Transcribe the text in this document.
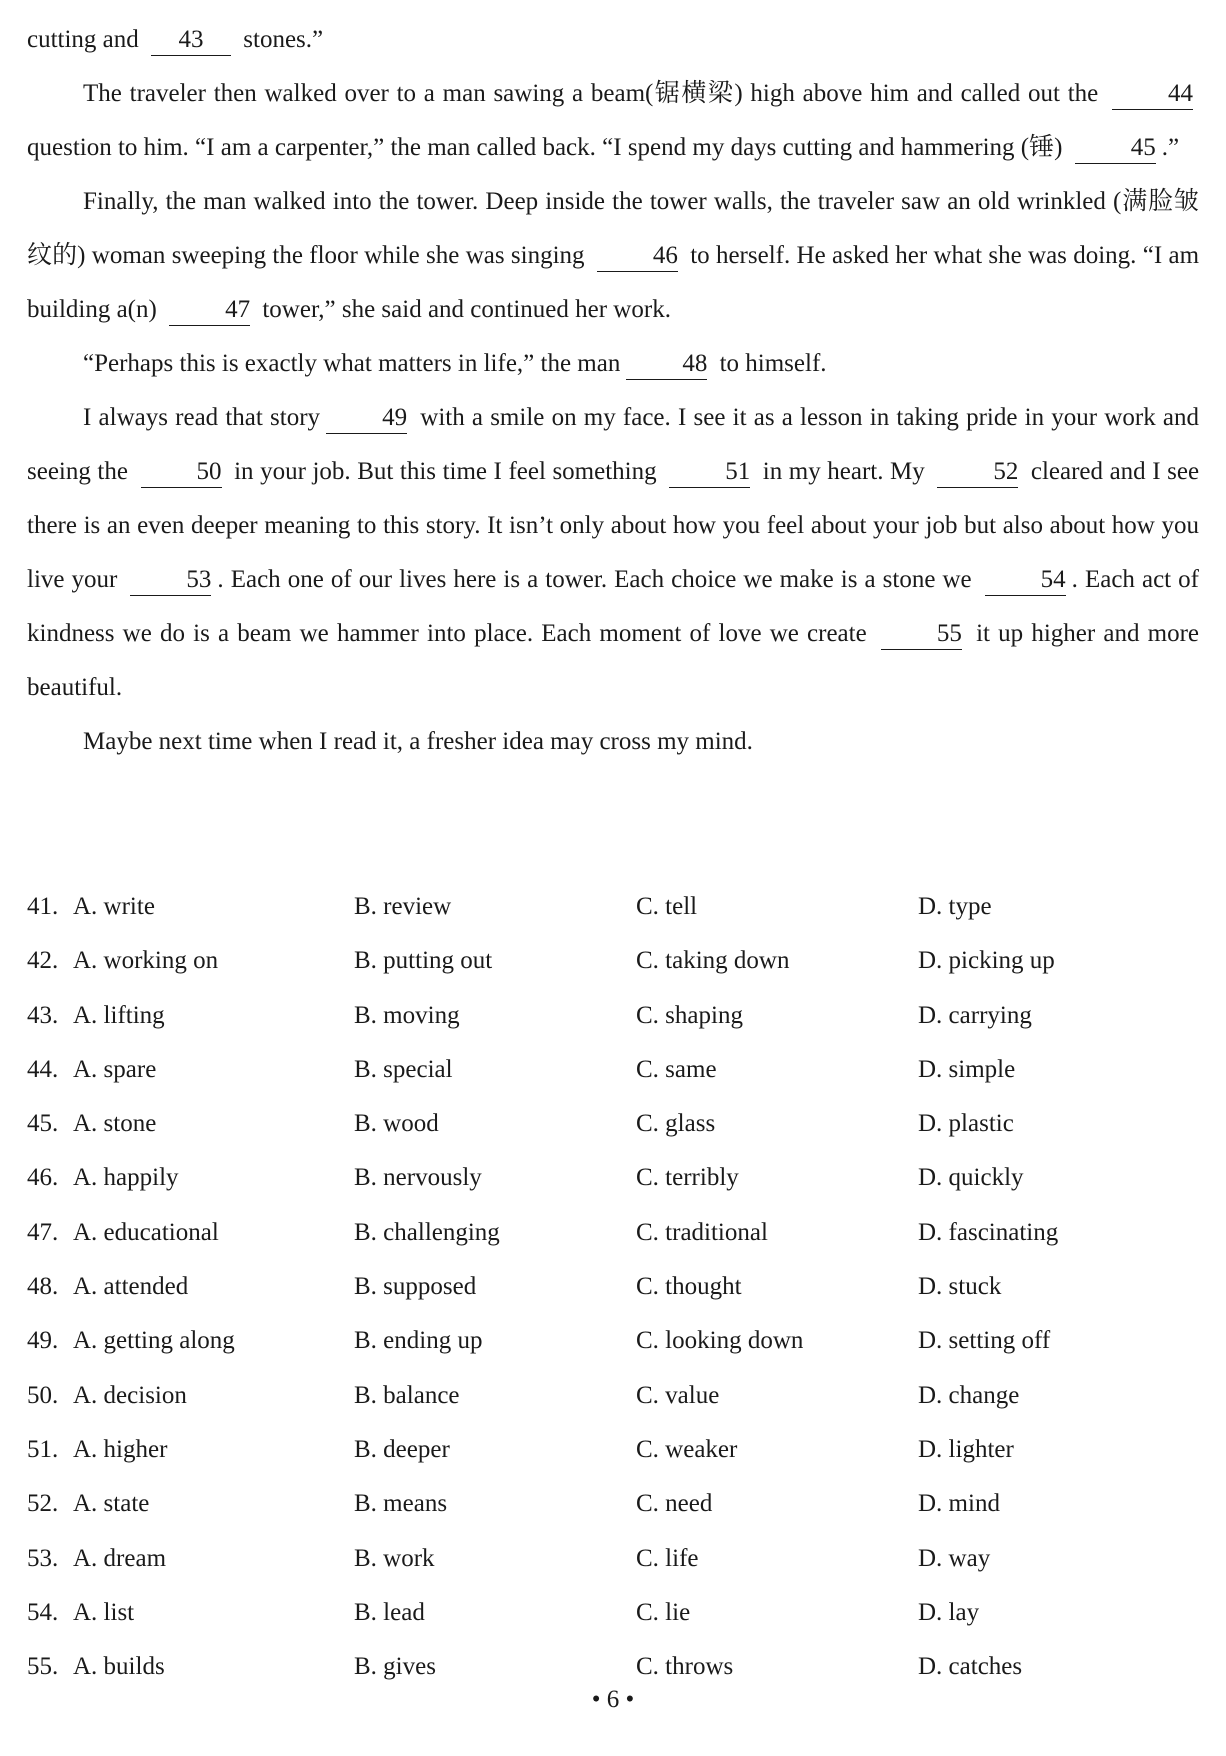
cutting and 43 stones.”

The traveler then walked over to a man sawing a beam(锯横梁) high above him and called out the	44 question to him. “I am a carpenter,” the man called back. “I spend my days cutting and hammering (锤)	45 .”

Finally, the man walked into the tower. Deep inside the tower walls, the traveler saw an old wrinkled (满脸皱纹的) woman sweeping the floor while she was singing	46 to herself. He asked her what she was doing. “I am building a(n)	47 tower,” she said and continued her work.

“Perhaps this is exactly what matters in life,” the man 48 to himself.

I always read that story 49 with a smile on my face. I see it as a lesson in taking pride in your work and seeing the	50 in your job. But this time I feel something	51 in my heart. My	52 cleared and I see there is an even deeper meaning to this story. It isn’t only about how you feel about your job but also about how you live your	53 . Each one of our lives here is a tower. Each choice we make is a stone we	54 . Each act of kindness we do is a beam we hammer into place. Each moment of love we create	55 it up higher and more beautiful.

Maybe next time when I read it, a fresher idea may cross my mind.

41. A. write	B. review	C. tell	D. type
42. A. working on	B. putting out	C. taking down	D. picking up
43. A. lifting	B. moving	C. shaping	D. carrying
44. A. spare	B. special	C. same	D. simple
45. A. stone	B. wood	C. glass	D. plastic
46. A. happily	B. nervously	C. terribly	D. quickly
47. A. educational	B. challenging	C. traditional	D. fascinating
48. A. attended	B. supposed	C. thought	D. stuck
49. A. getting along	B. ending up	C. looking down	D. setting off
50. A. decision	B. balance	C. value	D. change
51. A. higher	B. deeper	C. weaker	D. lighter
52. A. state	B. means	C. need	D. mind
53. A. dream	B. work	C. life	D. way
54. A. list	B. lead	C. lie	D. lay
55. A. builds	B. gives	C. throws	D. catches
• 6 •
